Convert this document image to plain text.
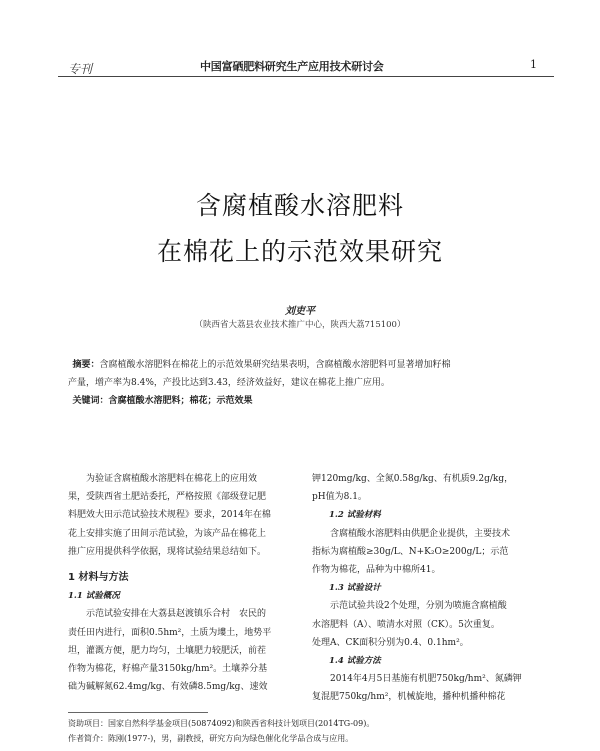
专刊	中国富硒肥料研究生产应用技术研讨会	1
含腐植酸水溶肥料
在棉花上的示范效果研究
刘吏平
（陕西省大荔县农业技术推广中心，陕西大荔715100）
摘要：含腐植酸水溶肥料在棉花上的示范效果研究结果表明，含腐植酸水溶肥料可显著增加籽棉
产量，增产率为8.4%，产投比达到3.43，经济效益好，建议在棉花上推广应用。
关键词：含腐植酸水溶肥料；棉花；示范效果

为验证含腐植酸水溶肥料在棉花上的应用效

果，受陕西省土肥站委托，严格按照《部级登记肥
料肥效大田示范试验技术规程》要求，2014年在棉
花上安排实施了田间示范试验，为该产品在棉花上
推广应用提供科学依据，现将试验结果总结如下。
1 材料与方法
1.1 试验概况

示范试验安排在大荔县赵渡镇乐合村　农民的

责任田内进行，面积0.5hm²，土质为塿土，地势平
坦，灌溉方便，肥力均匀，土壤肥力较肥沃，前茬
作物为棉花，籽棉产量3150kg/hm²。土壤养分基
础为碱解氮62.4mg/kg、有效磷8.5mg/kg、速效
钾120mg/kg、全氮0.58g/kg、有机质9.2g/kg，
pH值为8.1。
1.2 试验材料

含腐植酸水溶肥料由供肥企业提供，主要技术

指标为腐植酸≥30g/L、N+K₂O≥200g/L；示范
作物为棉花，品种为中棉所41。
1.3 试验设计

示范试验共设2个处理，分别为喷施含腐植酸

水溶肥料（A）、喷清水对照（CK）。5次重复。
处理A、CK面积分别为0.4、0.1hm²。
1.4 试验方法

2014年4月5日基施有机肥750kg/hm²、氮磷钾

复混肥750kg/hm²，机械旋地，播种机播种棉花
资助项目：国家自然科学基金项目(50874092)和陕西省科技计划项目(2014TG-09)。
作者简介：陈刚(1977-)，男，副教授，研究方向为绿色催化化学品合成与应用。
